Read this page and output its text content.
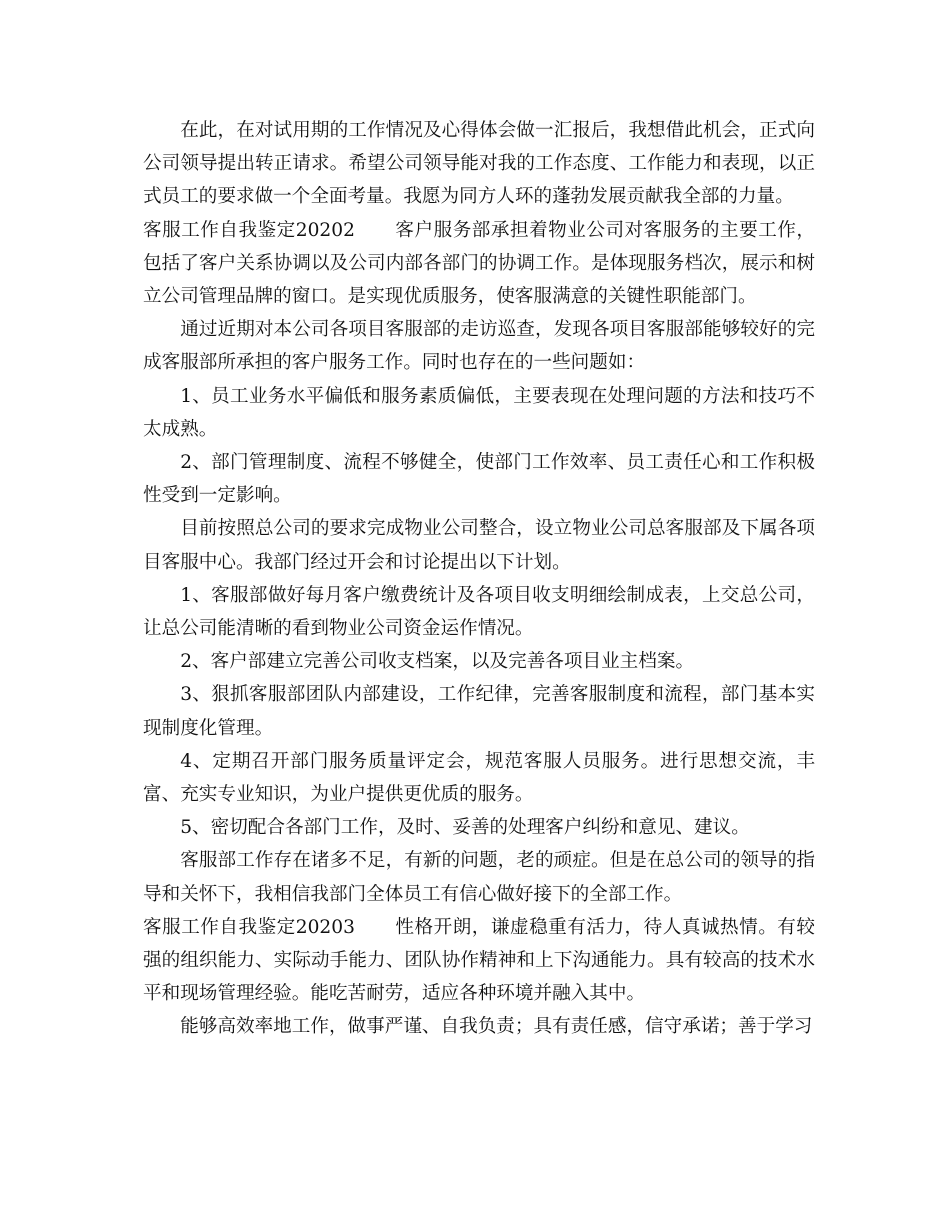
在此，在对试用期的工作情况及心得体会做一汇报后，我想借此机会，正式向公司领导提出转正请求。希望公司领导能对我的工作态度、工作能力和表现，以正式员工的要求做一个全面考量。我愿为同方人环的蓬勃发展贡献我全部的力量。

客服工作自我鉴定20202 客户服务部承担着物业公司对客服务的主要工作，包括了客户关系协调以及公司内部各部门的协调工作。是体现服务档次，展示和树立公司管理品牌的窗口。是实现优质服务，使客服满意的关键性职能部门。

通过近期对本公司各项目客服部的走访巡查，发现各项目客服部能够较好的完成客服部所承担的客户服务工作。同时也存在的一些问题如：

1、员工业务水平偏低和服务素质偏低，主要表现在处理问题的方法和技巧不太成熟。

2、部门管理制度、流程不够健全，使部门工作效率、员工责任心和工作积极性受到一定影响。

目前按照总公司的要求完成物业公司整合，设立物业公司总客服部及下属各项目客服中心。我部门经过开会和讨论提出以下计划。

1、客服部做好每月客户缴费统计及各项目收支明细绘制成表，上交总公司，让总公司能清晰的看到物业公司资金运作情况。

2、客户部建立完善公司收支档案，以及完善各项目业主档案。

3、狠抓客服部团队内部建设，工作纪律，完善客服制度和流程，部门基本实现制度化管理。

4、定期召开部门服务质量评定会，规范客服人员服务。进行思想交流，丰富、充实专业知识，为业户提供更优质的服务。

5、密切配合各部门工作，及时、妥善的处理客户纠纷和意见、建议。

客服部工作存在诸多不足，有新的问题，老的顽症。但是在总公司的领导的指导和关怀下，我相信我部门全体员工有信心做好接下的全部工作。

客服工作自我鉴定20203 性格开朗，谦虚稳重有活力，待人真诚热情。有较强的组织能力、实际动手能力、团队协作精神和上下沟通能力。具有较高的技术水平和现场管理经验。能吃苦耐劳，适应各种环境并融入其中。

能够高效率地工作，做事严谨、自我负责；具有责任感，信守承诺；善于学习
